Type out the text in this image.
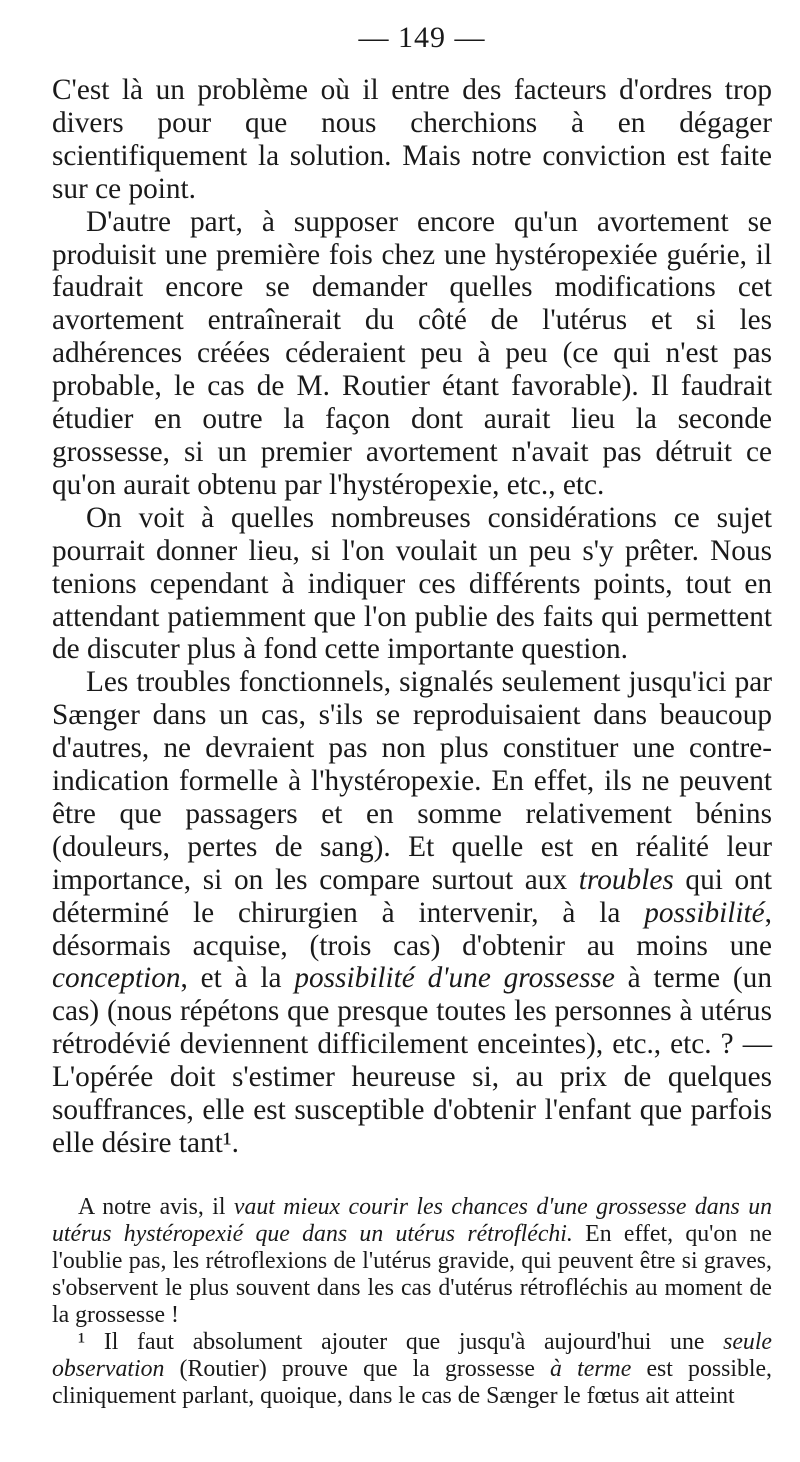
— 149 —

C'est là un problème où il entre des facteurs d'ordres trop divers pour que nous cherchions à en dégager scientifiquement la solution. Mais notre conviction est faite sur ce point.

D'autre part, à supposer encore qu'un avortement se produisit une première fois chez une hystéropexiée guérie, il faudrait encore se demander quelles modifications cet avortement entraînerait du côté de l'utérus et si les adhérences créées céderaient peu à peu (ce qui n'est pas probable, le cas de M. Routier étant favorable). Il faudrait étudier en outre la façon dont aurait lieu la seconde grossesse, si un premier avortement n'avait pas détruit ce qu'on aurait obtenu par l'hystéropexie, etc., etc.

On voit à quelles nombreuses considérations ce sujet pourrait donner lieu, si l'on voulait un peu s'y prêter. Nous tenions cependant à indiquer ces différents points, tout en attendant patiemment que l'on publie des faits qui permettent de discuter plus à fond cette importante question.

Les troubles fonctionnels, signalés seulement jusqu'ici par Sænger dans un cas, s'ils se reproduisaient dans beaucoup d'autres, ne devraient pas non plus constituer une contre-indication formelle à l'hystéropexie. En effet, ils ne peuvent être que passagers et en somme relativement bénins (douleurs, pertes de sang). Et quelle est en réalité leur importance, si on les compare surtout aux troubles qui ont déterminé le chirurgien à intervenir, à la possibilité, désormais acquise, (trois cas) d'obtenir au moins une conception, et à la possibilité d'une grossesse à terme (un cas) (nous répétons que presque toutes les personnes à utérus rétrodévié deviennent difficilement enceintes), etc., etc. ? — L'opérée doit s'estimer heureuse si, au prix de quelques souffrances, elle est susceptible d'obtenir l'enfant que parfois elle désire tant¹.

A notre avis, il vaut mieux courir les chances d'une grossesse dans un utérus hystéropexié que dans un utérus rétrofléchi. En effet, qu'on ne l'oublie pas, les rétroflexions de l'utérus gravide, qui peuvent être si graves, s'observent le plus souvent dans les cas d'utérus rétrofléchis au moment de la grossesse !

¹ Il faut absolument ajouter que jusqu'à aujourd'hui une seule observation (Routier) prouve que la grossesse à terme est possible, cliniquement parlant, quoique, dans le cas de Sænger le fœtus ait atteint
